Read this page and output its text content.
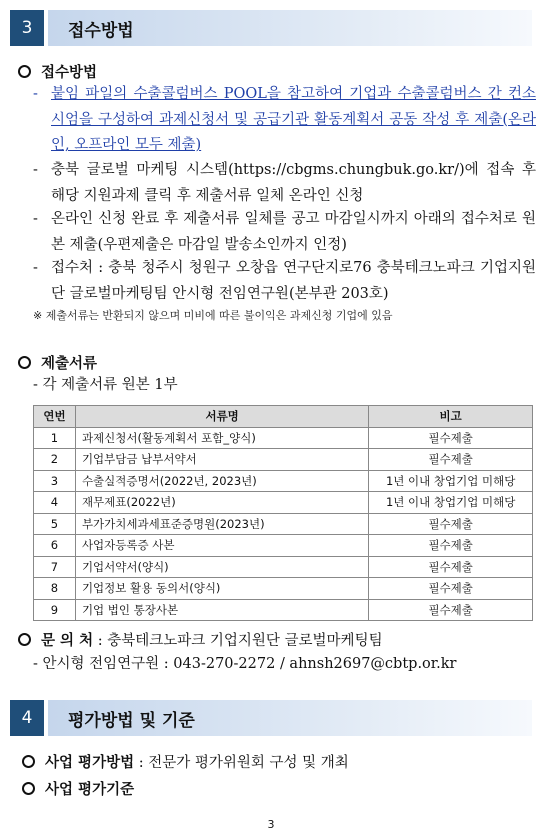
3	접수방법
접수방법
- 붙임 파일의 수출콜럼버스 POOL을 참고하여 기업과 수출콜럼버스 간 컨소시엄을 구성하여 과제신청서 및 공급기관 활동계획서 공동 작성 후 제출(온라인, 오프라인 모두 제출)
- 충북 글로벌 마케팅 시스템(https://cbgms.chungbuk.go.kr/)에 접속 후 해당 지원과제 클릭 후 제출서류 일체 온라인 신청
- 온라인 신청 완료 후 제출서류 일체를 공고 마감일시까지 아래의 접수처로 원본 제출(우편제출은 마감일 발송소인까지 인정)
- 접수처 : 충북 청주시 청원구 오창읍 연구단지로76 충북테크노파크 기업지원단 글로벌마케팅팀 안시형 전임연구원(본부관 203호)
※ 제출서류는 반환되지 않으며 미비에 따른 불이익은 과제신청 기업에 있음
제출서류
- 각 제출서류 원본 1부
연번	서류명	비고
1	과제신청서(활동계획서 포함_양식)	필수제출
2	기업부담금 납부서약서	필수제출
3	수출실적증명서(2022년, 2023년)	1년 이내 창업기업 미해당
4	재무제표(2022년)	1년 이내 창업기업 미해당
5	부가가치세과세표준증명원(2023년)	필수제출
6	사업자등록증 사본	필수제출
7	기업서약서(양식)	필수제출
8	기업정보 활용 동의서(양식)	필수제출
9	기업 법인 통장사본	필수제출
문 의 처 : 충북테크노파크 기업지원단 글로벌마케팅팀
- 안시형 전임연구원 : 043-270-2272 / ahnsh2697@cbtp.or.kr
4	평가방법 및 기준
사업 평가방법 : 전문가 평가위원회 구성 및 개최
사업 평가기준
3
